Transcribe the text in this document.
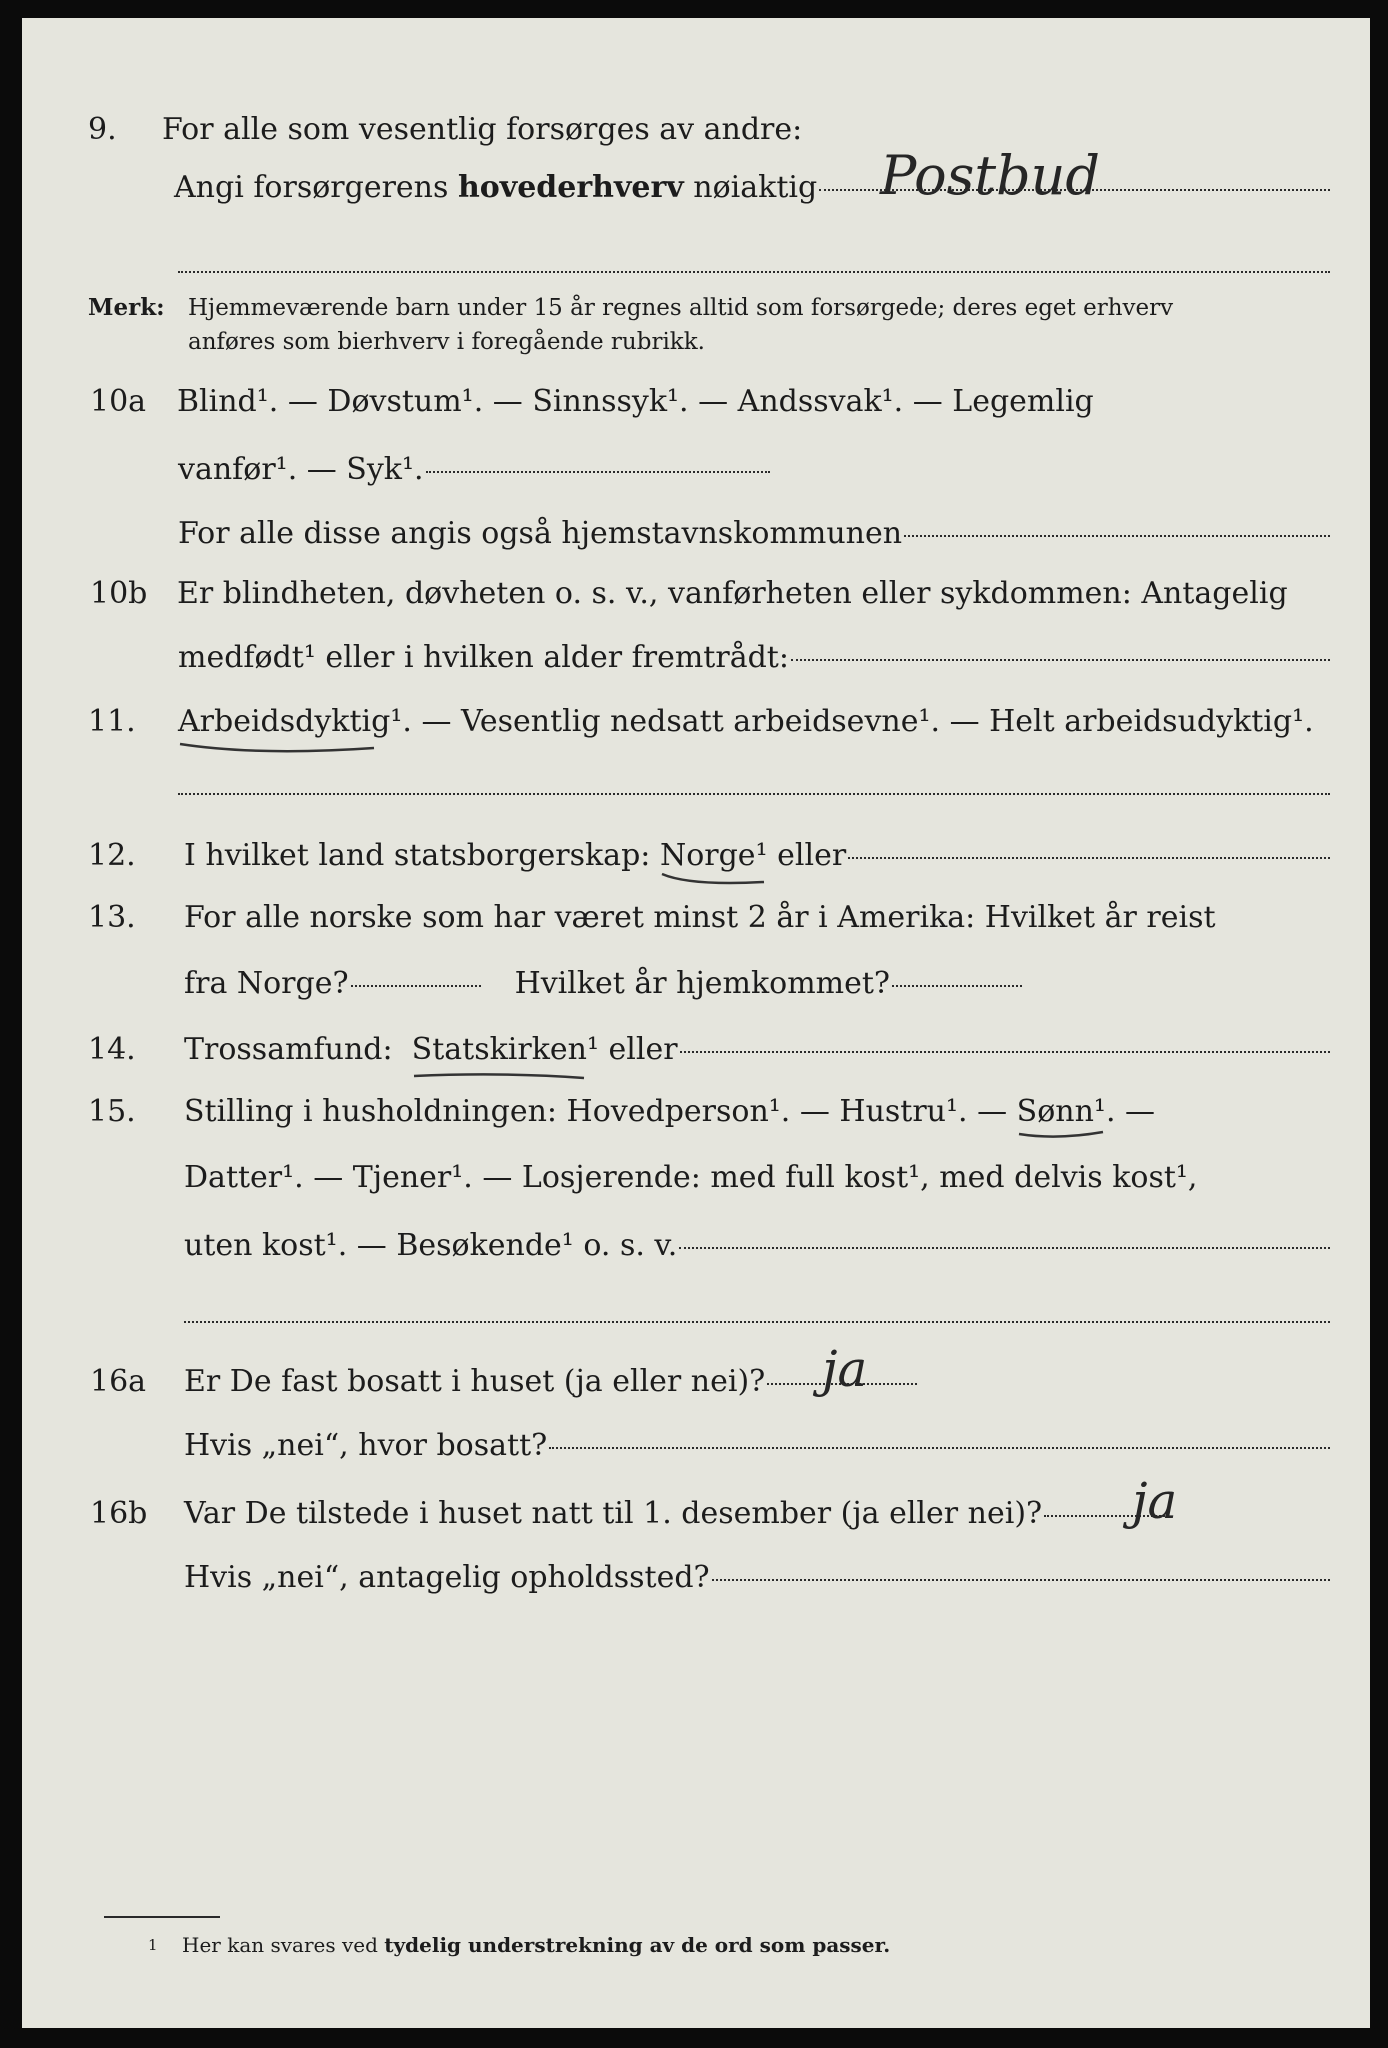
9. For alle som vesentlig forsørges av andre:
Angi forsørgerens
hovederhverv
nøiaktig Postbud
Merk: Hjemmeværende barn under 15 år regnes alltid som forsørgede; deres eget erhverv
anføres som bierhverv i foregående rubrikk.
10a Blind¹. — Døvstum¹. — Sinnssyk¹. — Andssvak¹. — Legemlig
vanfør¹. — Syk¹.
For alle disse angis også hjemstavnskommunen
10b Er blindheten, døvheten o. s. v., vanførheten eller sykdommen: Antagelig
medfødt¹ eller i hvilken alder fremtrådt:
11. Arbeidsdyktig ¹. — Vesentlig nedsatt arbeidsevne¹. — Helt arbeidsudyktig¹.
12. I hvilket land statsborgerskap:
Norge ¹ eller
13. For alle norske som har været minst 2 år i Amerika: Hvilket år reist
fra Norge?	Hvilket år hjemkommet?
14. Trossamfund:
Statskirken ¹ eller
15. Stilling i husholdningen: Hovedperson¹. — Hustru¹. —
Sønn ¹. —
Datter¹. — Tjener¹. — Losjerende: med full kost¹, med delvis kost¹,
uten kost¹. — Besøkende¹ o. s. v.
16a Er De fast bosatt i huset (ja eller nei)? ja
Hvis „nei“, hvor bosatt?
16b Var De tilstede i huset natt til 1. desember (ja eller nei)? ja
Hvis „nei“, antagelig opholdssted?
1 Her kan svares ved
tydelig understrekning av de ord som passer.
